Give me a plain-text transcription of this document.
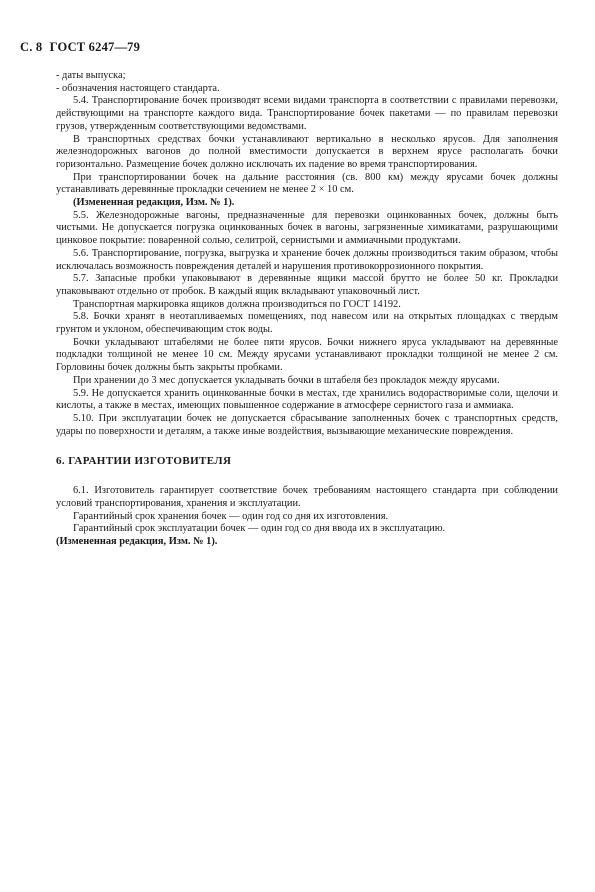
С. 8 ГОСТ 6247—79

- даты выпуска;

- обозначения настоящего стандарта.

5.4. Транспортирование бочек производят всеми видами транспорта в соответствии с правилами перевозки, действующими на транспорте каждого вида. Транспортирование бочек пакетами — по правилам перевозки грузов, утвержденным соответствующими ведомствами.

В транспортных средствах бочки устанавливают вертикально в несколько ярусов. Для заполнения железнодорожных вагонов до полной вместимости допускается в верхнем ярусе располагать бочки горизонтально. Размещение бочек должно исключать их падение во время транспортирования.

При транспортировании бочек на дальние расстояния (св. 800 км) между ярусами бочек должны устанавливать деревянные прокладки сечением не менее 2 × 10 см.

(Измененная редакция, Изм. № 1).

5.5. Железнодорожные вагоны, предназначенные для перевозки оцинкованных бочек, должны быть чистыми. Не допускается погрузка оцинкованных бочек в вагоны, загрязненные химикатами, разрушающими цинковое покрытие: поваренной солью, селитрой, сернистыми и аммиачными продуктами.

5.6. Транспортирование, погрузка, выгрузка и хранение бочек должны производиться таким образом, чтобы исключалась возможность повреждения деталей и нарушения противокоррозионного покрытия.

5.7. Запасные пробки упаковывают в деревянные ящики массой брутто не более 50 кг. Прокладки упаковывают отдельно от пробок. В каждый ящик вкладывают упаковочный лист.

Транспортная маркировка ящиков должна производиться по ГОСТ 14192.

5.8. Бочки хранят в неотапливаемых помещениях, под навесом или на открытых площадках с твердым грунтом и уклоном, обеспечивающим сток воды.

Бочки укладывают штабелями не более пяти ярусов. Бочки нижнего яруса укладывают на деревянные подкладки толщиной не менее 10 см. Между ярусами устанавливают прокладки толщиной не менее 2 см. Горловины бочек должны быть закрыты пробками.

При хранении до 3 мес допускается укладывать бочки в штабеля без прокладок между ярусами.

5.9. Не допускается хранить оцинкованные бочки в местах, где хранились водорастворимые соли, щелочи и кислоты, а также в местах, имеющих повышенное содержание в атмосфере сернистого газа и аммиака.

5.10. При эксплуатации бочек не допускается сбрасывание заполненных бочек с транспортных средств, удары по поверхности и деталям, а также иные воздействия, вызывающие механические повреждения.

6. ГАРАНТИИ ИЗГОТОВИТЕЛЯ

6.1. Изготовитель гарантирует соответствие бочек требованиям настоящего стандарта при соблюдении условий транспортирования, хранения и эксплуатации.

Гарантийный срок хранения бочек — один год со дня их изготовления.

Гарантийный срок эксплуатации бочек — один год со дня ввода их в эксплуатацию.

(Измененная редакция, Изм. № 1).
